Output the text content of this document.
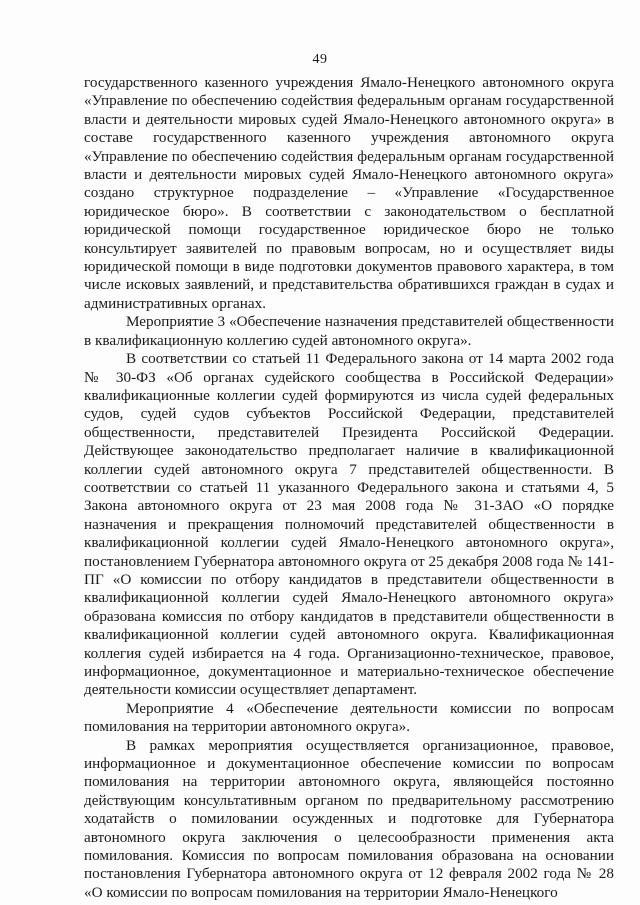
49

государственного казенного учреждения Ямало-Ненецкого автономного округа «Управление по обеспечению содействия федеральным органам государственной власти и деятельности мировых судей Ямало-Ненецкого автономного округа» в составе государственного казенного учреждения автономного округа «Управление по обеспечению содействия федеральным органам государственной власти и деятельности мировых судей Ямало-Ненецкого автономного округа» создано структурное подразделение – «Управление «Государственное юридическое бюро». В соответствии с законодательством о бесплатной юридической помощи государственное юридическое бюро не только консультирует заявителей по правовым вопросам, но и осуществляет виды юридической помощи в виде подготовки документов правового характера, в том числе исковых заявлений, и представительства обратившихся граждан в судах и административных органах.

Мероприятие 3 «Обеспечение назначения представителей общественности в квалификационную коллегию судей автономного округа».

В соответствии со статьей 11 Федерального закона от 14 марта 2002 года № 30-ФЗ «Об органах судейского сообщества в Российской Федерации» квалификационные коллегии судей формируются из числа судей федеральных судов, судей судов субъектов Российской Федерации, представителей общественности, представителей Президента Российской Федерации. Действующее законодательство предполагает наличие в квалификационной коллегии судей автономного округа 7 представителей общественности. В соответствии со статьей 11 указанного Федерального закона и статьями 4, 5 Закона автономного округа от 23 мая 2008 года № 31-ЗАО «О порядке назначения и прекращения полномочий представителей общественности в квалификационной коллегии судей Ямало-Ненецкого автономного округа», постановлением Губернатора автономного округа от 25 декабря 2008 года № 141-ПГ «О комиссии по отбору кандидатов в представители общественности в квалификационной коллегии судей Ямало-Ненецкого автономного округа» образована комиссия по отбору кандидатов в представители общественности в квалификационной коллегии судей автономного округа. Квалификационная коллегия судей избирается на 4 года. Организационно-техническое, правовое, информационное, документационное и материально-техническое обеспечение деятельности комиссии осуществляет департамент.

Мероприятие 4 «Обеспечение деятельности комиссии по вопросам помилования на территории автономного округа».

В рамках мероприятия осуществляется организационное, правовое, информационное и документационное обеспечение комиссии по вопросам помилования на территории автономного округа, являющейся постоянно действующим консультативным органом по предварительному рассмотрению ходатайств о помиловании осужденных и подготовке для Губернатора автономного округа заключения о целесообразности применения акта помилования. Комиссия по вопросам помилования образована на основании постановления Губернатора автономного округа от 12 февраля 2002 года № 28 «О комиссии по вопросам помилования на территории Ямало-Ненецкого
